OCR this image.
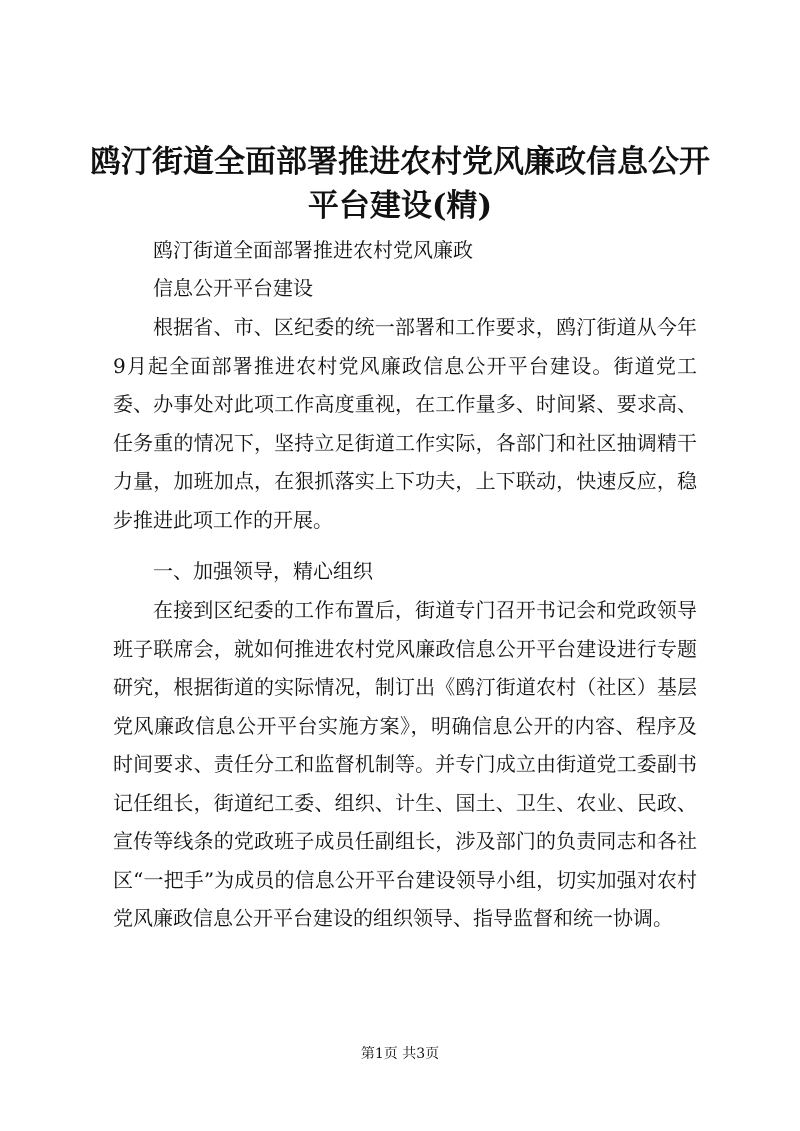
鸥汀街道全面部署推进农村党风廉政信息公开
平台建设(精)

鸥汀街道全面部署推进农村党风廉政

信息公开平台建设

根据省、市、区纪委的统一部署和工作要求，鸥汀街道从今年9月起全面部署推进农村党风廉政信息公开平台建设。街道党工委、办事处对此项工作高度重视，在工作量多、时间紧、要求高、任务重的情况下，坚持立足街道工作实际，各部门和社区抽调精干力量，加班加点，在狠抓落实上下功夫，上下联动，快速反应，稳步推进此项工作的开展。

一、加强领导，精心组织

在接到区纪委的工作布置后，街道专门召开书记会和党政领导班子联席会，就如何推进农村党风廉政信息公开平台建设进行专题研究，根据街道的实际情况，制订出《鸥汀街道农村（社区）基层党风廉政信息公开平台实施方案》，明确信息公开的内容、程序及时间要求、责任分工和监督机制等。并专门成立由街道党工委副书记任组长，街道纪工委、组织、计生、国土、卫生、农业、民政、宣传等线条的党政班子成员任副组长，涉及部门的负责同志和各社区“一把手”为成员的信息公开平台建设领导小组，切实加强对农村党风廉政信息公开平台建设的组织领导、指导监督和统一协调。

第1页 共3页
